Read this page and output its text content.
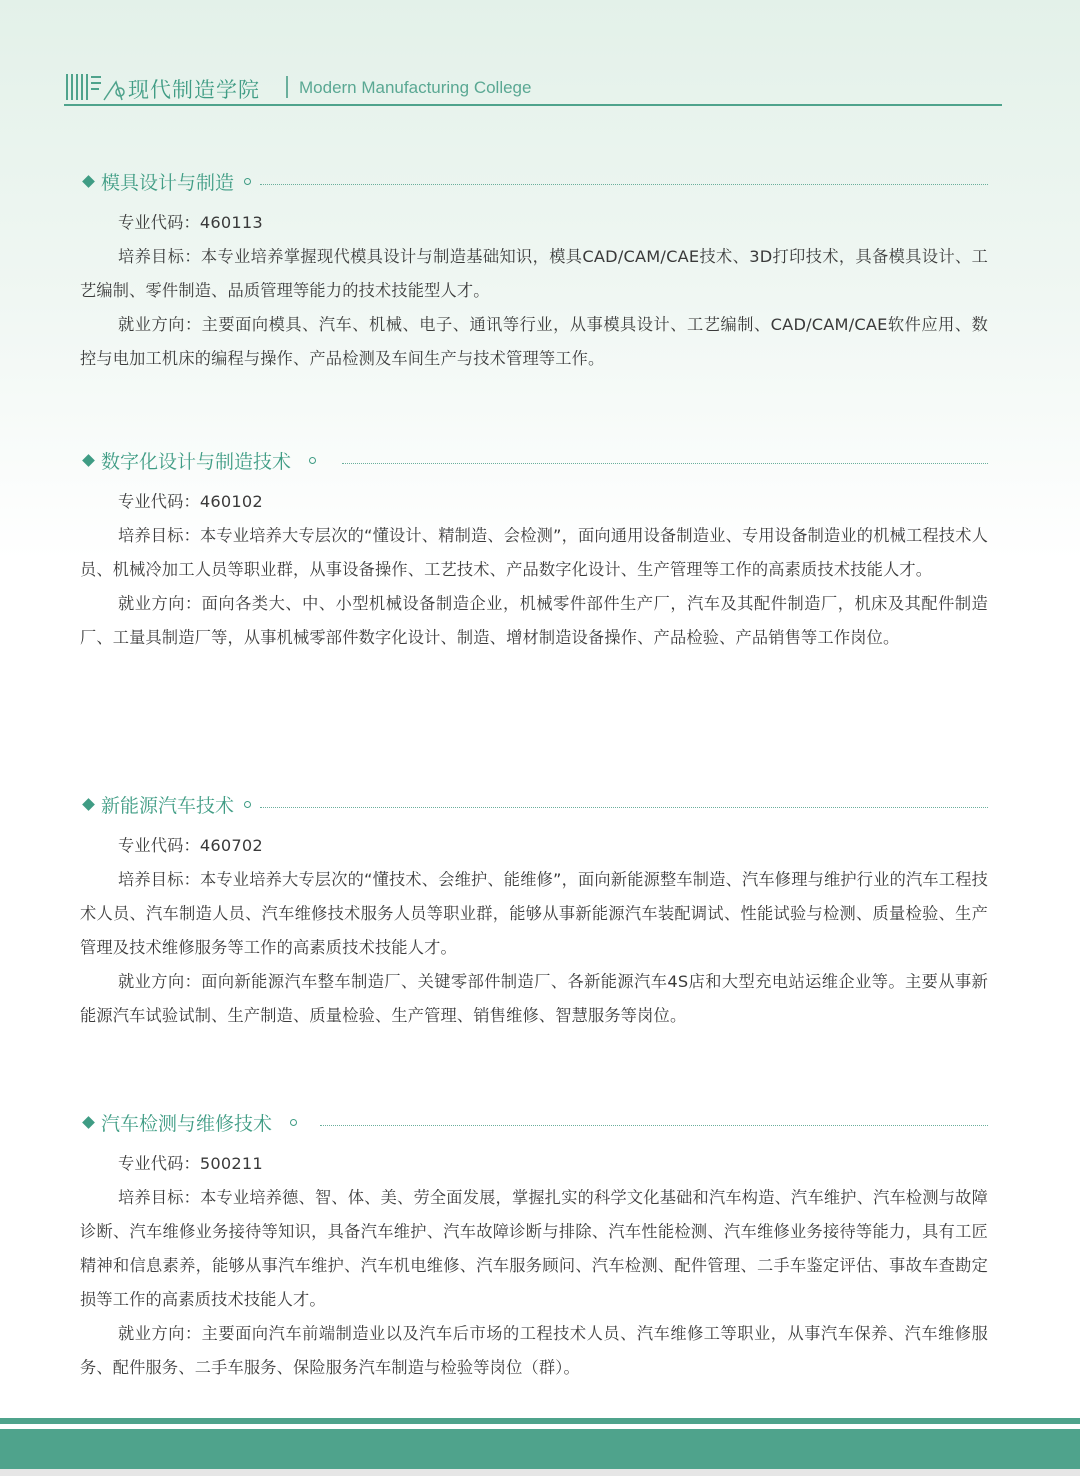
现代制造学院 Modern Manufacturing College
模具设计与制造

专业代码：460113

培养目标：本专业培养掌握现代模具设计与制造基础知识，模具CAD/CAM/CAE技术、3D打印技术，具备模具设计、工艺编制、零件制造、品质管理等能力的技术技能型人才。

就业方向：主要面向模具、汽车、机械、电子、通讯等行业，从事模具设计、工艺编制、CAD/CAM/CAE软件应用、数控与电加工机床的编程与操作、产品检测及车间生产与技术管理等工作。

数字化设计与制造技术

专业代码：460102

培养目标：本专业培养大专层次的“懂设计、精制造、会检测”，面向通用设备制造业、专用设备制造业的机械工程技术人员、机械冷加工人员等职业群，从事设备操作、工艺技术、产品数字化设计、生产管理等工作的高素质技术技能人才。

就业方向：面向各类大、中、小型机械设备制造企业，机械零件部件生产厂，汽车及其配件制造厂，机床及其配件制造厂、工量具制造厂等，从事机械零部件数字化设计、制造、增材制造设备操作、产品检验、产品销售等工作岗位。

新能源汽车技术

专业代码：460702

培养目标：本专业培养大专层次的“懂技术、会维护、能维修”，面向新能源整车制造、汽车修理与维护行业的汽车工程技术人员、汽车制造人员、汽车维修技术服务人员等职业群，能够从事新能源汽车装配调试、性能试验与检测、质量检验、生产管理及技术维修服务等工作的高素质技术技能人才。

就业方向：面向新能源汽车整车制造厂、关键零部件制造厂、各新能源汽车4S店和大型充电站运维企业等。主要从事新能源汽车试验试制、生产制造、质量检验、生产管理、销售维修、智慧服务等岗位。

汽车检测与维修技术

专业代码：500211

培养目标：本专业培养德、智、体、美、劳全面发展，掌握扎实的科学文化基础和汽车构造、汽车维护、汽车检测与故障诊断、汽车维修业务接待等知识，具备汽车维护、汽车故障诊断与排除、汽车性能检测、汽车维修业务接待等能力，具有工匠精神和信息素养，能够从事汽车维护、汽车机电维修、汽车服务顾问、汽车检测、配件管理、二手车鉴定评估、事故车查勘定损等工作的高素质技术技能人才。

就业方向：主要面向汽车前端制造业以及汽车后市场的工程技术人员、汽车维修工等职业，从事汽车保养、汽车维修服务、配件服务、二手车服务、保险服务汽车制造与检验等岗位（群）。
